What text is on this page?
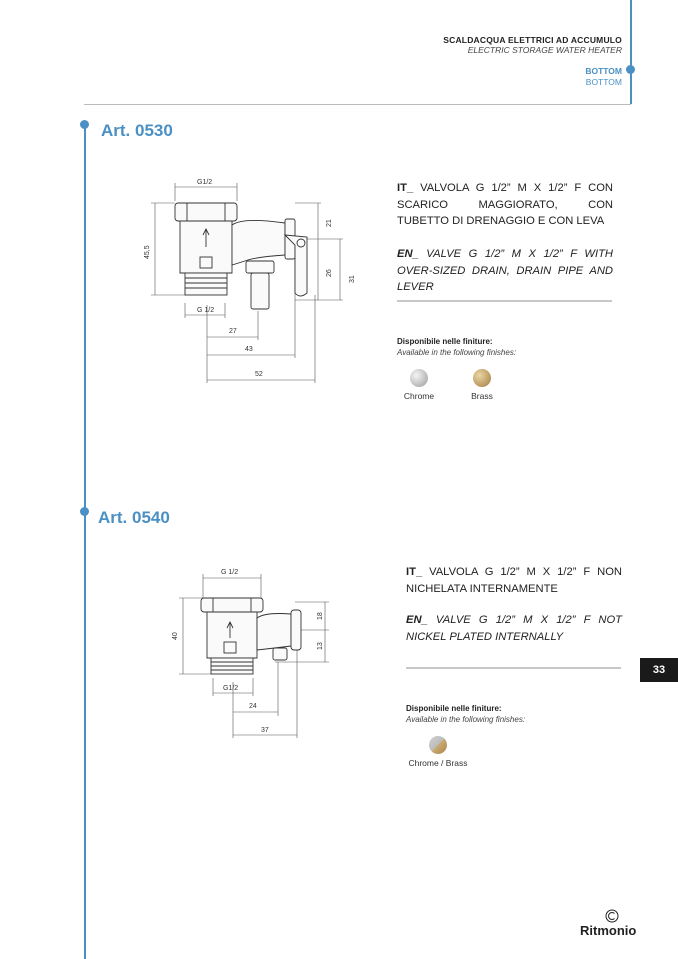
SCALDACQUA ELETTRICI AD ACCUMULO
ELECTRIC STORAGE WATER HEATER
BOTTOM
BOTTOM
Art. 0530
G1/2
45,5
21
26
31
G 1/2
27
43
52
IT_ VALVOLA G 1/2” M X 1/2” F CON SCARICO MAGGIORATO, CON TUBETTO DI DRENAGGIO E CON LEVA
EN_ VALVE G 1/2” M X 1/2” F WITH OVER-SIZED DRAIN, DRAIN PIPE AND LEVER
Disponibile nelle finiture:
Available in the following finishes:
Chrome	Brass
Art. 0540
G 1/2
40
18
13
G1/2
24
37
IT_ VALVOLA G 1/2” M X 1/2” F NON NICHELATA INTERNAMENTE
EN_ VALVE G 1/2” M X 1/2” F NOT NICKEL PLATED INTERNALLY
Disponibile nelle finiture:
Available in the following finishes:
Chrome / Brass
33
Ritmonio
